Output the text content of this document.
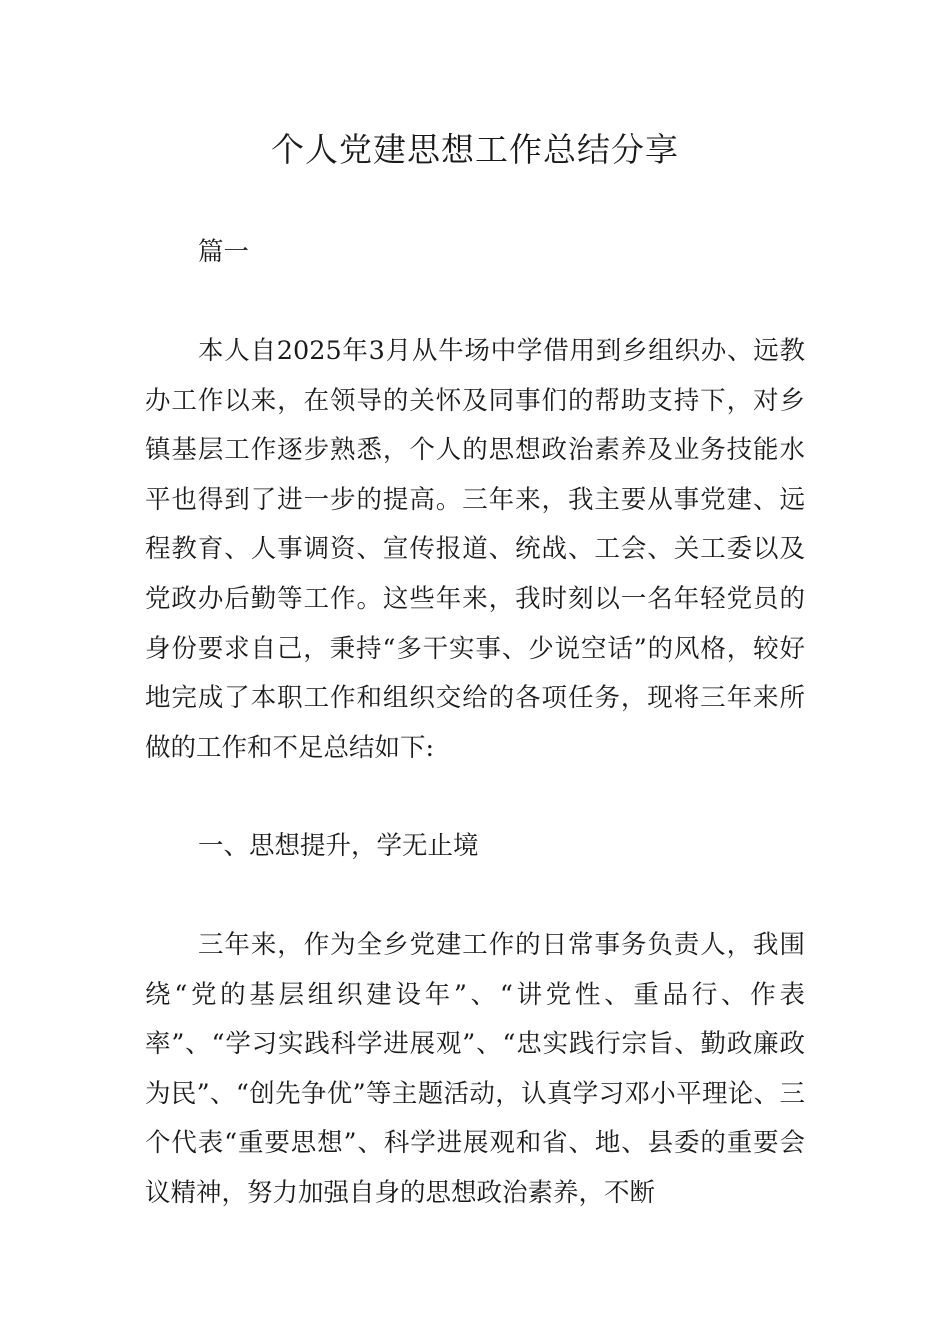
个人党建思想工作总结分享

篇一

本人自2025年3月从牛场中学借用到乡组织办、远教办工作以来，在领导的关怀及同事们的帮助支持下，对乡镇基层工作逐步熟悉，个人的思想政治素养及业务技能水平也得到了进一步的提高。三年来，我主要从事党建、远程教育、人事调资、宣传报道、统战、工会、关工委以及党政办后勤等工作。这些年来，我时刻以一名年轻党员的身份要求自己，秉持“多干实事、少说空话”的风格，较好地完成了本职工作和组织交给的各项任务，现将三年来所做的工作和不足总结如下:

一、思想提升，学无止境

三年来，作为全乡党建工作的日常事务负责人，我围绕“党的基层组织建设年”、“讲党性、重品行、作表率”、“学习实践科学进展观”、“忠实践行宗旨、勤政廉政为民”、“创先争优”等主题活动，认真学习邓小平理论、三个代表“重要思想”、科学进展观和省、地、县委的重要会议精神，努力加强自身的思想政治素养，不断
